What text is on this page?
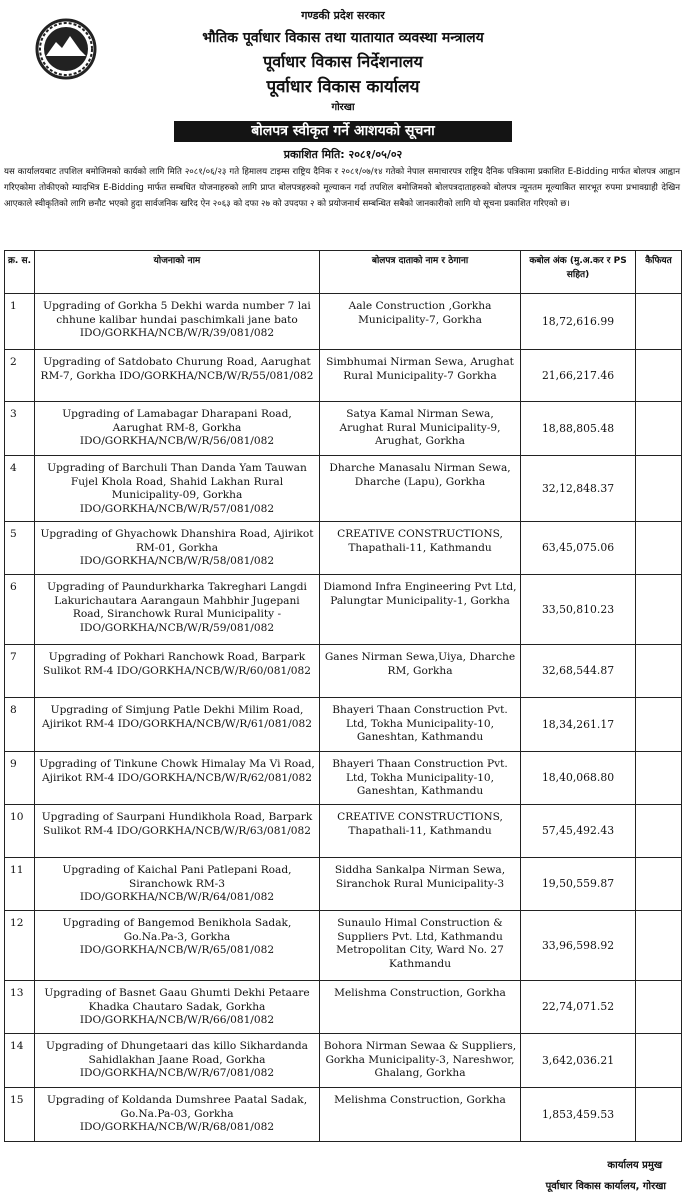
गण्डकी प्रदेश सरकार
भौतिक पूर्वाधार विकास तथा यातायात व्यवस्था मन्त्रालय
पूर्वाधार विकास निर्देशनालय
पूर्वाधार विकास कार्यालय
गोरखा
बोलपत्र स्वीकृत गर्ने आशयको सूचना
प्रकाशित मिति: २०८१/०५/०२
यस कार्यालयबाट तपशिल बमोजिमको कार्यको लागि मिति २०८१/०६/२३ गते हिमालय टाइम्स राष्ट्रिय दैनिक र २०८१/०७/१४ गतेको नेपाल समाचारपत्र राष्ट्रिय दैनिक पत्रिकामा प्रकाशित E-Bidding मार्फत बोलपत्र आह्वान गरिएकोमा तोकीएको म्यादभित्र E-Bidding मार्फत सम्बधित योजनाहरुको लागि प्राप्त बोलपत्रहरुको मूल्याकन गर्दा तपशिल बमोजिमको बोलपत्रदाताहरुको बोलपत्र न्यूनतम मूल्याकित सारभूत रुपमा प्रभावग्राही देखिन आएकाले स्वीकृतिको लागि छनौट भएको हुदा सार्वजनिक खरिद ऐन २०६३ को दफा २७ को उपदफा २ को प्रयोजनार्थ सम्बन्धित सबैको जानकारीको लागि यो सूचना प्रकाशित गरिएको छ।
क्र. स.	योजनाको नाम	बोलपत्र दाताको नाम र ठेगाना	कबोल अंक (मु.अ.कर र PS सहित)	कैफियत
1	Upgrading of Gorkha 5 Dekhi warda number 7 lai chhune kalibar hundai paschimkali jane bato IDO/GORKHA/NCB/W/R/39/081/082	Aale Construction ,Gorkha Municipality-7, Gorkha	18,72,616.99	
2	Upgrading of Satdobato Churung Road, Aarughat RM-7, Gorkha IDO/GORKHA/NCB/W/R/55/081/082	Simbhumai Nirman Sewa, Arughat Rural Municipality-7 Gorkha	21,66,217.46	
3	Upgrading of Lamabagar Dharapani Road, Aarughat RM-8, Gorkha IDO/GORKHA/NCB/W/R/56/081/082	Satya Kamal Nirman Sewa, Arughat Rural Municipality-9, Arughat, Gorkha	18,88,805.48	
4	Upgrading of Barchuli Than Danda Yam Tauwan Fujel Khola Road, Shahid Lakhan Rural Municipality-09, Gorkha IDO/GORKHA/NCB/W/R/57/081/082	Dharche Manasalu Nirman Sewa, Dharche (Lapu), Gorkha	32,12,848.37	
5	Upgrading of Ghyachowk Dhanshira Road, Ajirikot RM-01, Gorkha IDO/GORKHA/NCB/W/R/58/081/082	CREATIVE CONSTRUCTIONS, Thapathali-11, Kathmandu	63,45,075.06	
6	Upgrading of Paundurkharka Takreghari Langdi Lakurichautara Aarangaun Mahbhir Jugepani Road, Siranchowk Rural Municipality - IDO/GORKHA/NCB/W/R/59/081/082	Diamond Infra Engineering Pvt Ltd, Palungtar Municipality-1, Gorkha	33,50,810.23	
7	Upgrading of Pokhari Ranchowk Road, Barpark Sulikot RM-4 IDO/GORKHA/NCB/W/R/60/081/082	Ganes Nirman Sewa,Uiya, Dharche RM, Gorkha	32,68,544.87	
8	Upgrading of Simjung Patle Dekhi Milim Road, Ajirikot RM-4 IDO/GORKHA/NCB/W/R/61/081/082	Bhayeri Thaan Construction Pvt. Ltd, Tokha Municipality-10, Ganeshtan, Kathmandu	18,34,261.17	
9	Upgrading of Tinkune Chowk Himalay Ma Vi Road, Ajirikot RM-4 IDO/GORKHA/NCB/W/R/62/081/082	Bhayeri Thaan Construction Pvt. Ltd, Tokha Municipality-10, Ganeshtan, Kathmandu	18,40,068.80	
10	Upgrading of Saurpani Hundikhola Road, Barpark Sulikot RM-4 IDO/GORKHA/NCB/W/R/63/081/082	CREATIVE CONSTRUCTIONS, Thapathali-11, Kathmandu	57,45,492.43	
11	Upgrading of Kaichal Pani Patlepani Road, Siranchowk RM-3 IDO/GORKHA/NCB/W/R/64/081/082	Siddha Sankalpa Nirman Sewa, Siranchok Rural Municipality-3	19,50,559.87	
12	Upgrading of Bangemod Benikhola Sadak, Go.Na.Pa-3, Gorkha IDO/GORKHA/NCB/W/R/65/081/082	Sunaulo Himal Construction & Suppliers Pvt. Ltd, Kathmandu Metropolitan City, Ward No. 27 Kathmandu	33,96,598.92	
13	Upgrading of Basnet Gaau Ghumti Dekhi Petaare Khadka Chautaro Sadak, Gorkha IDO/GORKHA/NCB/W/R/66/081/082	Melishma Construction, Gorkha	22,74,071.52	
14	Upgrading of Dhungetaari das killo Sikhardanda Sahidlakhan Jaane Road, Gorkha IDO/GORKHA/NCB/W/R/67/081/082	Bohora Nirman Sewaa & Suppliers, Gorkha Municipality-3, Nareshwor, Ghalang, Gorkha	3,642,036.21	
15	Upgrading of Koldanda Dumshree Paatal Sadak, Go.Na.Pa-03, Gorkha IDO/GORKHA/NCB/W/R/68/081/082	Melishma Construction, Gorkha	1,853,459.53	
कार्यालय प्रमुख
पूर्वाधार विकास कार्यालय, गोरखा
